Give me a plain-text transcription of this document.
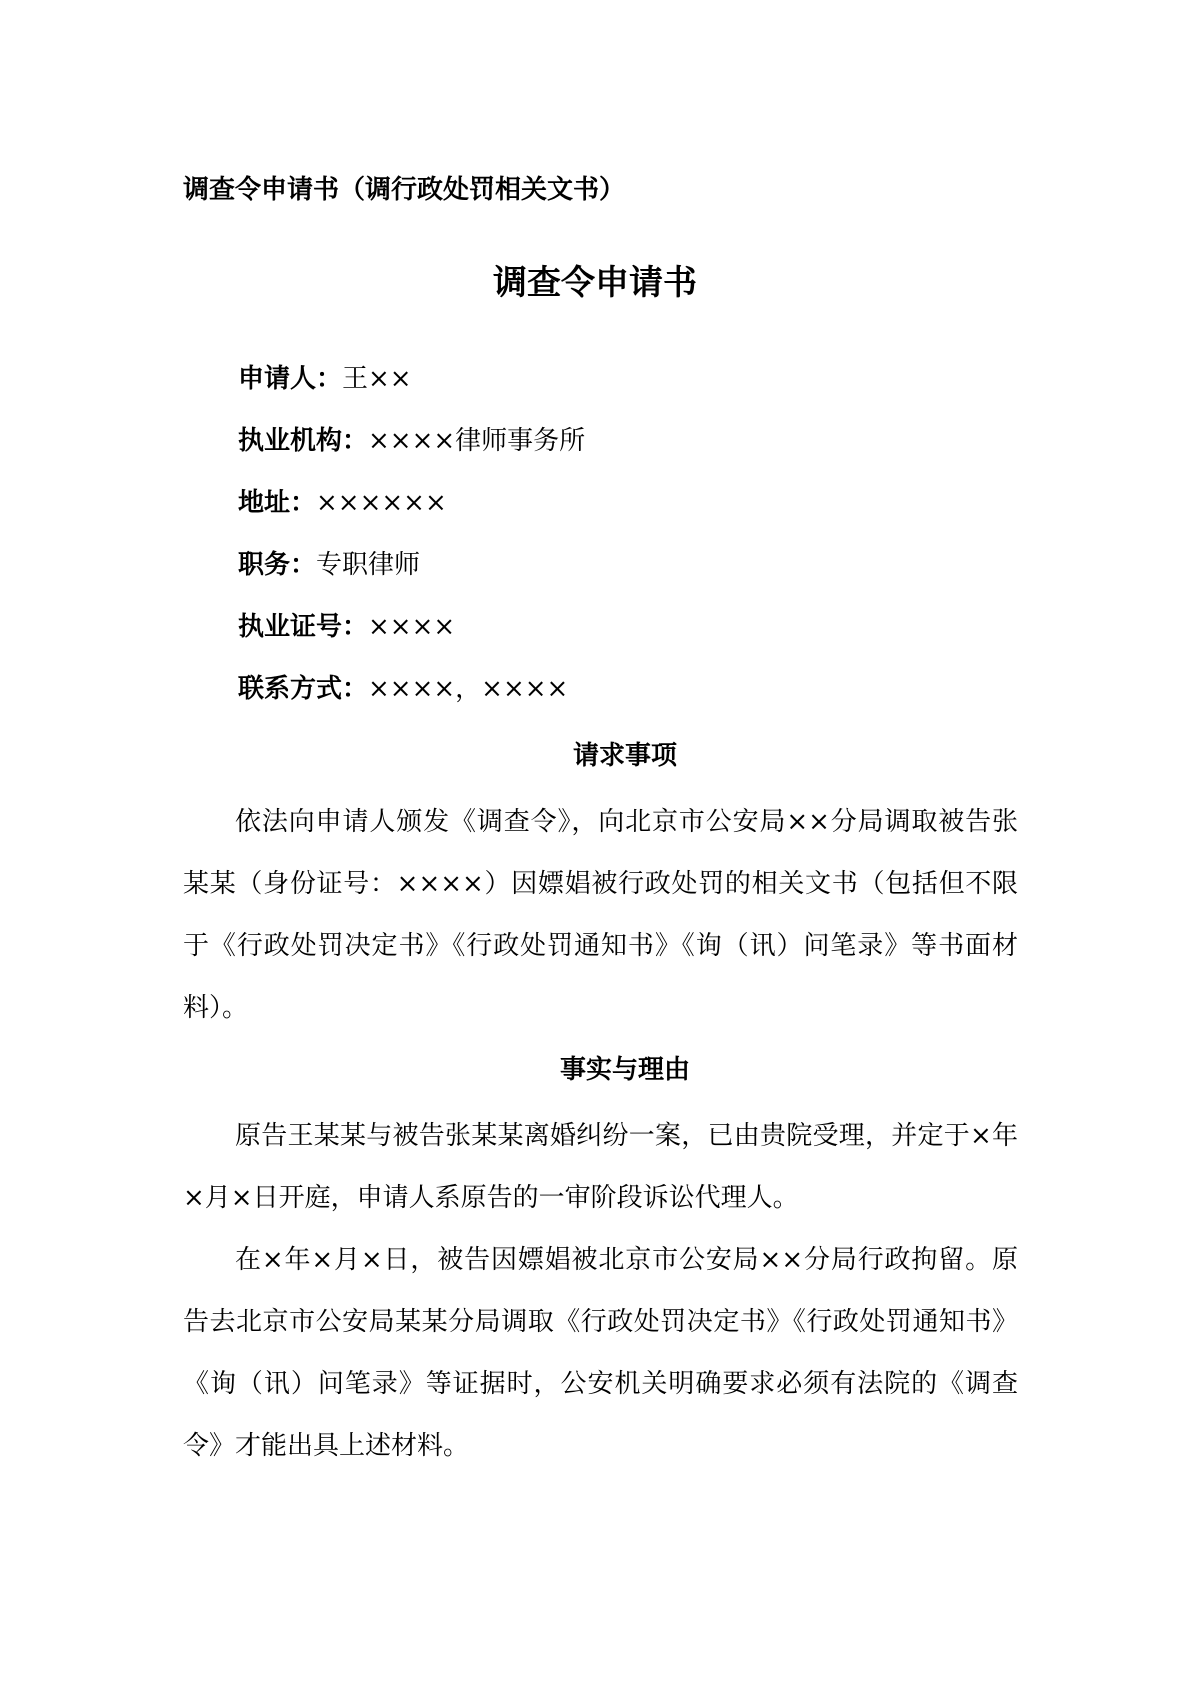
调查令申请书（调行政处罚相关文书）
调查令申请书
申请人：王××
执业机构：××××律师事务所
地址：××××××
职务：专职律师
执业证号：××××
联系方式：××××，××××
请求事项

依法向申请人颁发《调查令》，向北京市公安局××分局调取被告张某某（身份证号：××××）因嫖娼被行政处罚的相关文书（包括但不限于《行政处罚决定书》《行政处罚通知书》《询（讯）问笔录》等书面材料）。

事实与理由

原告王某某与被告张某某离婚纠纷一案，已由贵院受理，并定于×年×月×日开庭，申请人系原告的一审阶段诉讼代理人。

在×年×月×日，被告因嫖娼被北京市公安局××分局行政拘留。原告去北京市公安局某某分局调取《行政处罚决定书》《行政处罚通知书》《询（讯）问笔录》等证据时，公安机关明确要求必须有法院的《调查令》才能出具上述材料。
